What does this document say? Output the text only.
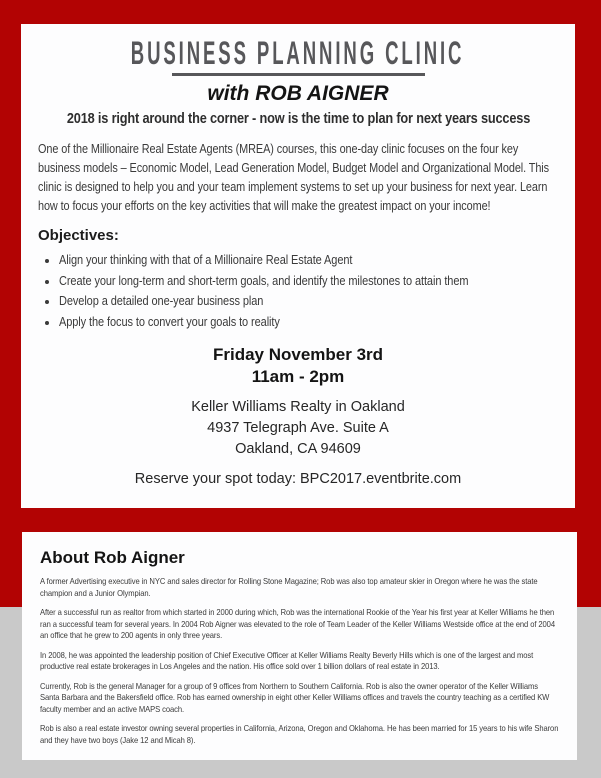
BUSINESS PLANNING CLINIC
with ROB AIGNER
2018 is right around the corner - now is the time to plan for next years success
One of the Millionaire Real Estate Agents (MREA) courses, this one-day clinic focuses on the four key business models – Economic Model, Lead Generation Model, Budget Model and Organizational Model. This clinic is designed to help you and your team implement systems to set up your business for next year. Learn how to focus your efforts on the key activities that will make the greatest impact on your income!
Objectives:
• Align your thinking with that of a Millionaire Real Estate Agent
• Create your long-term and short-term goals, and identify the milestones to attain them
• Develop a detailed one-year business plan
• Apply the focus to convert your goals to reality
Friday November 3rd
11am - 2pm
Keller Williams Realty in Oakland
4937 Telegraph Ave. Suite A
Oakland, CA 94609
Reserve your spot today: BPC2017.eventbrite.com
About Rob Aigner

A former Advertising executive in NYC and sales director for Rolling Stone Magazine; Rob was also top amateur skier in Oregon where he was the state champion and a Junior Olympian.

After a successful run as realtor from which started in 2000 during which, Rob was the international Rookie of the Year his first year at Keller Williams he then ran a successful team for several years. In 2004 Rob Aigner was elevated to the role of Team Leader of the Keller Williams Westside office at the end of 2004 an office that he grew to 200 agents in only three years.

In 2008, he was appointed the leadership position of Chief Executive Officer at Keller Williams Realty Beverly Hills which is one of the largest and most productive real estate brokerages in Los Angeles and the nation. His office sold over 1 billion dollars of real estate in 2013.

Currently, Rob is the general Manager for a group of 9 offices from Northern to Southern California. Rob is also the owner operator of the Keller Williams Santa Barbara and the Bakersfield office. Rob has earned ownership in eight other Keller Williams offices and travels the country teaching as a certified KW faculty member and an active MAPS coach.

Rob is also a real estate investor owning several properties in California, Arizona, Oregon and Oklahoma. He has been married for 15 years to his wife Sharon and they have two boys (Jake 12 and Micah 8).
